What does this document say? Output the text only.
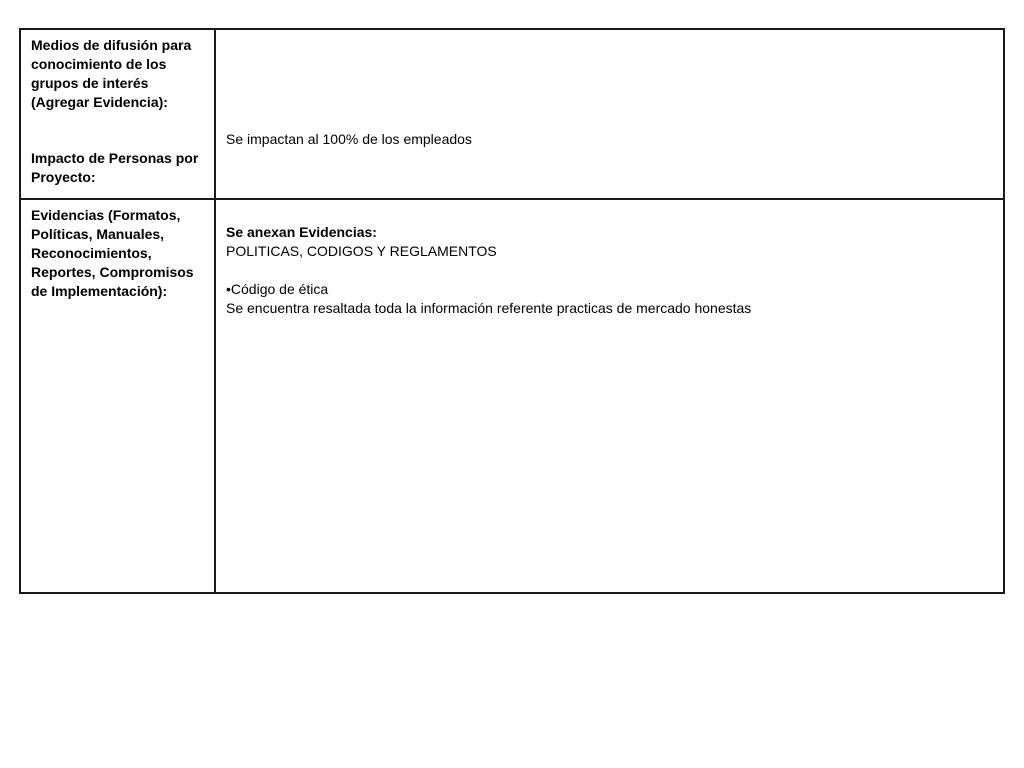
Medios de difusión para conocimiento de los grupos de interés (Agregar Evidencia):
Impacto de Personas por Proyecto:
Se impactan al 100% de los empleados
Evidencias (Formatos, Políticas, Manuales, Reconocimientos, Reportes, Compromisos de Implementación):
Se anexan Evidencias:
POLITICAS, CODIGOS Y REGLAMENTOS
•Código de ética
Se encuentra resaltada toda la información referente practicas de mercado honestas
